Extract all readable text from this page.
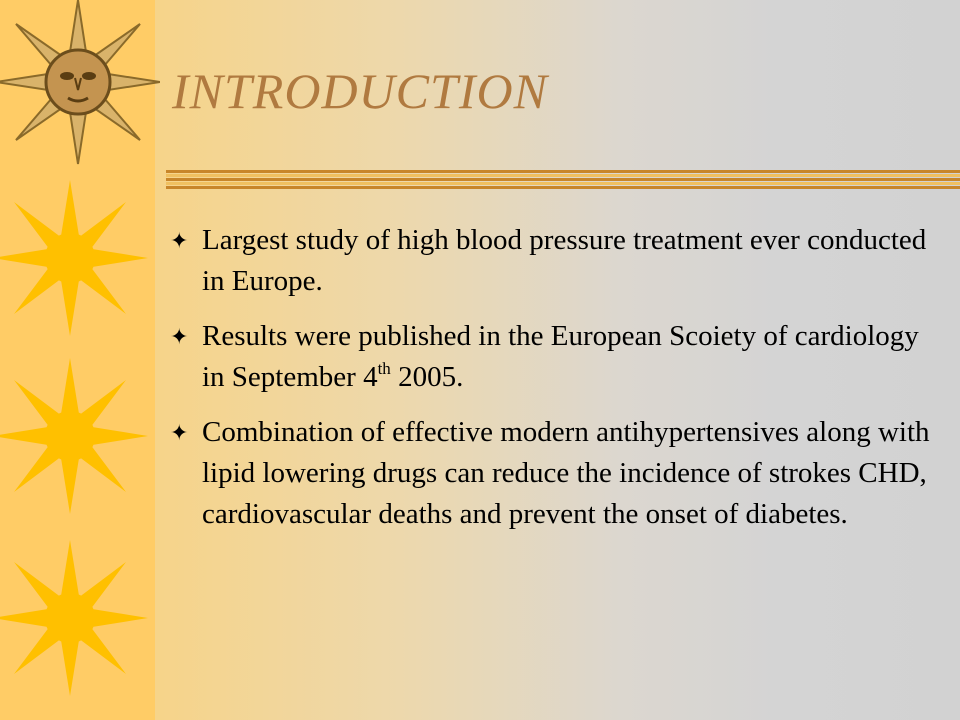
INTRODUCTION
✦ Largest study of high blood pressure treatment ever conducted in Europe.
✦ Results were published in the European Scoiety of cardiology in September 4th 2005.
✦ Combination of effective modern antihypertensives along with lipid lowering drugs can reduce the incidence of strokes CHD, cardiovascular deaths and prevent the onset of diabetes.
